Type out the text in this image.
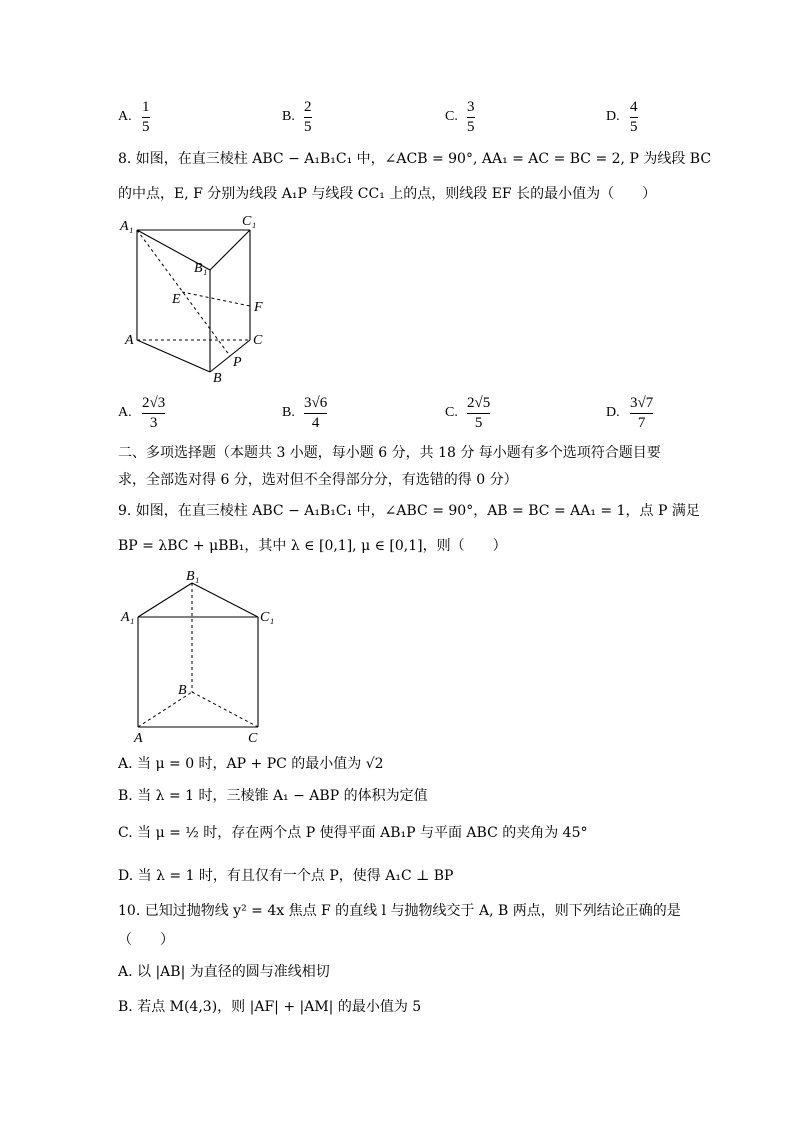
A.
1
5
B.
2
5
C.
3
5
D.
4
5
8. 如图，在直三棱柱 ABC − A₁B₁C₁ 中，∠ACB = 90°, AA₁ = AC = BC = 2, P 为线段 BC
的中点，E, F 分别为线段 A₁P 与线段 CC₁ 上的点，则线段 EF 长的最小值为（　　）
A₁	C₁
B₁
E
F
A	C
P
B
A.
2√3
3
B.
3√6
4
C.
2√5
5
D.
3√7
7
二、多项选择题（本题共 3 小题，每小题 6 分，共 18 分 每小题有多个选项符合题目要
求，全部选对得 6 分，选对但不全得部分分，有选错的得 0 分）
9. 如图，在直三棱柱 ABC − A₁B₁C₁ 中，∠ABC = 90°，AB = BC = AA₁ = 1，点 P 满足
BP = λBC + μBB₁，其中 λ ∈ [0,1], μ ∈ [0,1]，则（　　）
B₁
A₁	C₁
B
A	C
A. 当 μ = 0 时，AP + PC 的最小值为 √2
B. 当 λ = 1 时，三棱锥 A₁ − ABP 的体积为定值
C. 当 μ = ½ 时，存在两个点 P 使得平面 AB₁P 与平面 ABC 的夹角为 45°
D. 当 λ = 1 时，有且仅有一个点 P，使得 A₁C ⊥ BP
10. 已知过抛物线 y² = 4x 焦点 F 的直线 l 与抛物线交于 A, B 两点，则下列结论正确的是
（　　）
A. 以 |AB| 为直径的圆与准线相切
B. 若点 M(4,3)，则 |AF| + |AM| 的最小值为 5
